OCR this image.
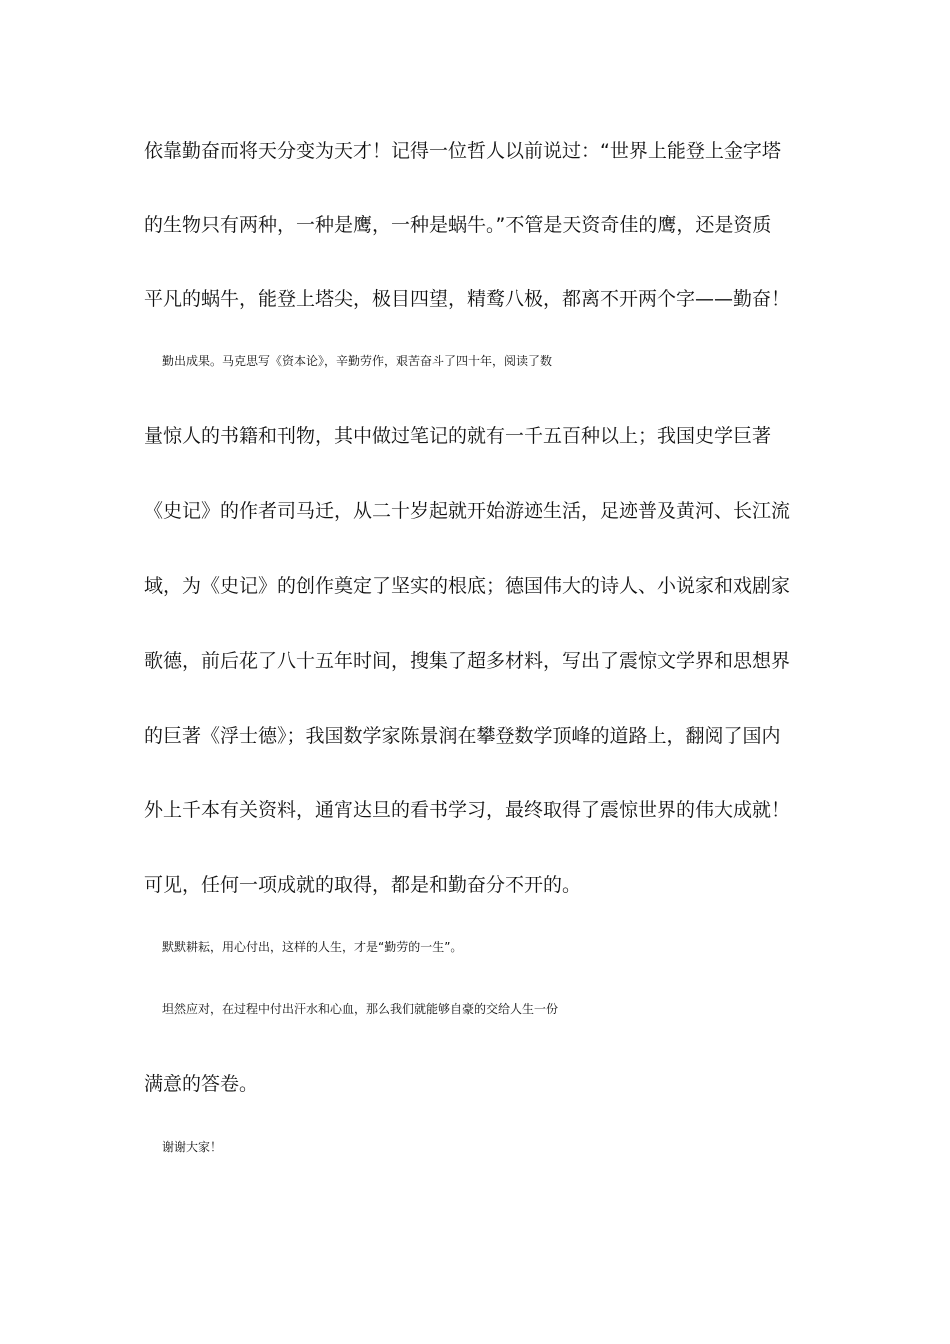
依靠勤奋而将天分变为天才！记得一位哲人以前说过：“世界上能登上金字塔
的生物只有两种，一种是鹰，一种是蜗牛。”不管是天资奇佳的鹰，还是资质
平凡的蜗牛，能登上塔尖，极目四望，精鹜八极，都离不开两个字——勤奋！
勤出成果。马克思写《资本论》，辛勤劳作，艰苦奋斗了四十年，阅读了数
量惊人的书籍和刊物，其中做过笔记的就有一千五百种以上；我国史学巨著
《史记》的作者司马迁，从二十岁起就开始游迹生活，足迹普及黄河、长江流
域，为《史记》的创作奠定了坚实的根底；德国伟大的诗人、小说家和戏剧家
歌德，前后花了八十五年时间，搜集了超多材料，写出了震惊文学界和思想界
的巨著《浮士德》；我国数学家陈景润在攀登数学顶峰的道路上，翻阅了国内
外上千本有关资料，通宵达旦的看书学习，最终取得了震惊世界的伟大成就！
可见，任何一项成就的取得，都是和勤奋分不开的。
默默耕耘，用心付出，这样的人生，才是“勤劳的一生”。
坦然应对，在过程中付出汗水和心血，那么我们就能够自豪的交给人生一份
满意的答卷。
谢谢大家！
